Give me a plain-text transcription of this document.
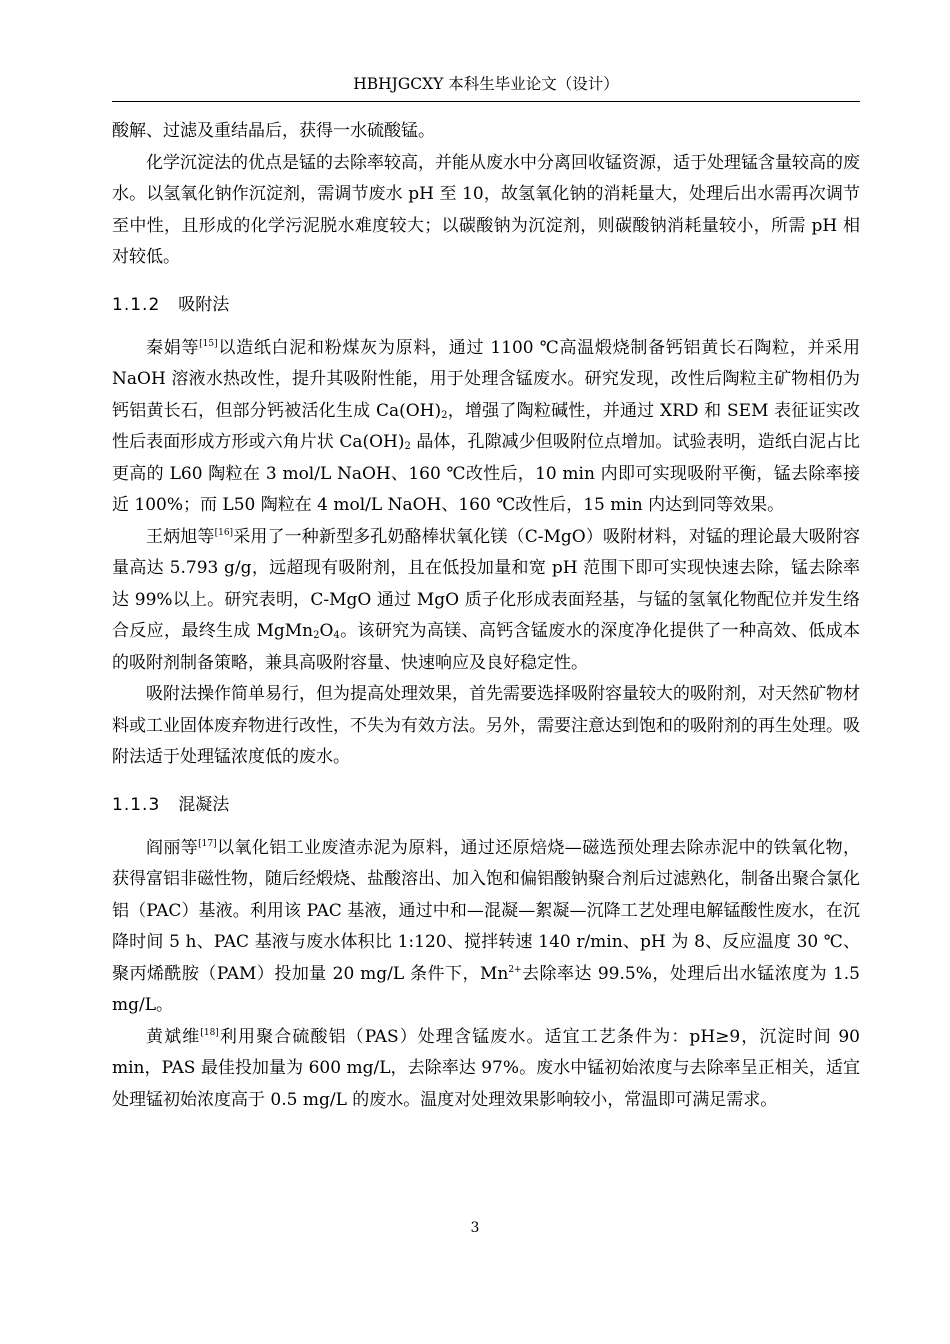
HBHJGCXY 本科生毕业论文（设计）

酸解、过滤及重结晶后，获得一水硫酸锰。

化学沉淀法的优点是锰的去除率较高，并能从废水中分离回收锰资源，适于处理锰含量较高的废水。以氢氧化钠作沉淀剂，需调节废水 pH 至 10，故氢氧化钠的消耗量大，处理后出水需再次调节至中性，且形成的化学污泥脱水难度较大；以碳酸钠为沉淀剂，则碳酸钠消耗量较小，所需 pH 相对较低。

1.1.2 吸附法

秦娟等[15]以造纸白泥和粉煤灰为原料，通过 1100 ℃高温煅烧制备钙铝黄长石陶粒，并采用 NaOH 溶液水热改性，提升其吸附性能，用于处理含锰废水。研究发现，改性后陶粒主矿物相仍为钙铝黄长石，但部分钙被活化生成 $Ca(OH)_2$，增强了陶粒碱性，并通过 XRD 和 SEM 表征证实改性后表面形成方形或六角片状 $Ca(OH)_2$ 晶体，孔隙减少但吸附位点增加。试验表明，造纸白泥占比更高的 L60 陶粒在 3 mol/L NaOH、160 ℃改性后，10 min 内即可实现吸附平衡，锰去除率接近 100%；而 L50 陶粒在 4 mol/L NaOH、160 ℃改性后，15 min 内达到同等效果。

王炳旭等[16]采用了一种新型多孔奶酪棒状氧化镁（C-MgO）吸附材料，对锰的理论最大吸附容量高达 5.793 g/g，远超现有吸附剂，且在低投加量和宽 pH 范围下即可实现快速去除，锰去除率达 99%以上。研究表明，C-MgO 通过 MgO 质子化形成表面羟基，与锰的氢氧化物配位并发生络合反应，最终生成 $MgMn_2O_4$。该研究为高镁、高钙含锰废水的深度净化提供了一种高效、低成本的吸附剂制备策略，兼具高吸附容量、快速响应及良好稳定性。

吸附法操作简单易行，但为提高处理效果，首先需要选择吸附容量较大的吸附剂，对天然矿物材料或工业固体废弃物进行改性，不失为有效方法。另外，需要注意达到饱和的吸附剂的再生处理。吸附法适于处理锰浓度低的废水。

1.1.3 混凝法

阎丽等[17]以氧化铝工业废渣赤泥为原料，通过还原焙烧—磁选预处理去除赤泥中的铁氧化物，获得富铝非磁性物，随后经煅烧、盐酸溶出、加入饱和偏铝酸钠聚合剂后过滤熟化，制备出聚合氯化铝（PAC）基液。利用该 PAC 基液，通过中和—混凝—絮凝—沉降工艺处理电解锰酸性废水，在沉降时间 5 h、PAC 基液与废水体积比 1:120、搅拌转速 140 r/min、pH 为 8、反应温度 30 ℃、聚丙烯酰胺（PAM）投加量 20 mg/L 条件下，$Mn^{2+}$去除率达 99.5%，处理后出水锰浓度为 1.5 mg/L。

黄斌维[18]利用聚合硫酸铝（PAS）处理含锰废水。适宜工艺条件为：pH≥9，沉淀时间 90 min，PAS 最佳投加量为 600 mg/L，去除率达 97%。废水中锰初始浓度与去除率呈正相关，适宜处理锰初始浓度高于 0.5 mg/L 的废水。温度对处理效果影响较小，常温即可满足需求。

3
